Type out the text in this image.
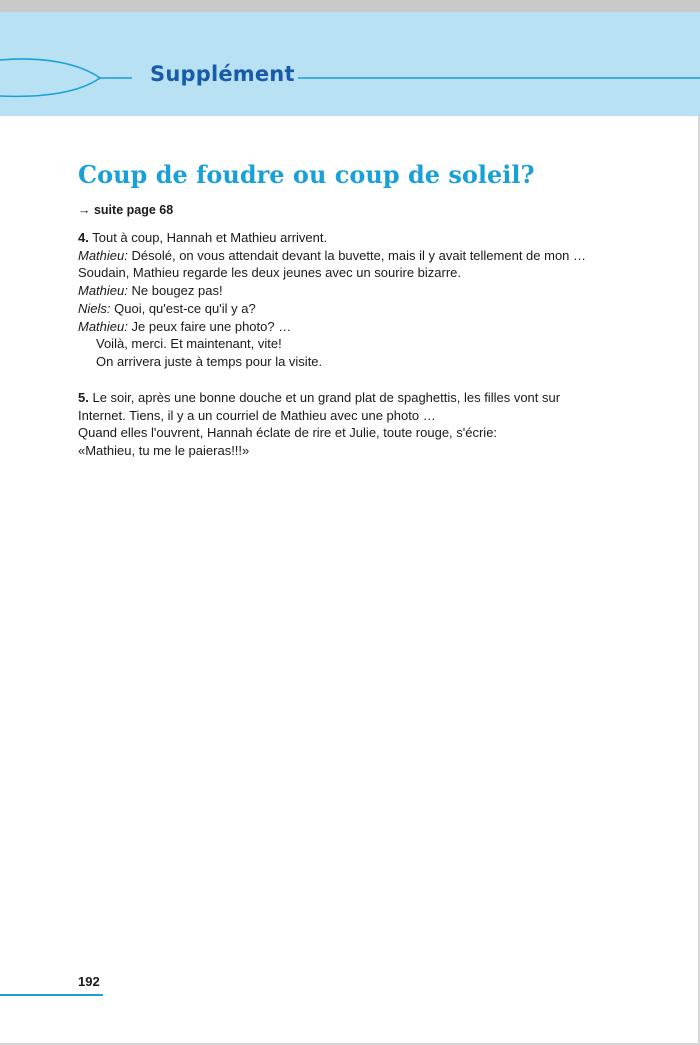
Supplément
Coup de foudre ou coup de soleil?
→ suite page 68
4. Tout à coup, Hannah et Mathieu arrivent.
Mathieu: Désolé, on vous attendait devant la buvette, mais il y avait tellement de mon …
Soudain, Mathieu regarde les deux jeunes avec un sourire bizarre.
Mathieu: Ne bougez pas!
Niels: Quoi, qu'est-ce qu'il y a?
Mathieu: Je peux faire une photo? …
Voilà, merci. Et maintenant, vite!
On arrivera juste à temps pour la visite.
5. Le soir, après une bonne douche et un grand plat de spaghettis, les filles vont sur
Internet. Tiens, il y a un courriel de Mathieu avec une photo …
Quand elles l'ouvrent, Hannah éclate de rire et Julie, toute rouge, s'écrie:
«Mathieu, tu me le paieras!!!»
192
